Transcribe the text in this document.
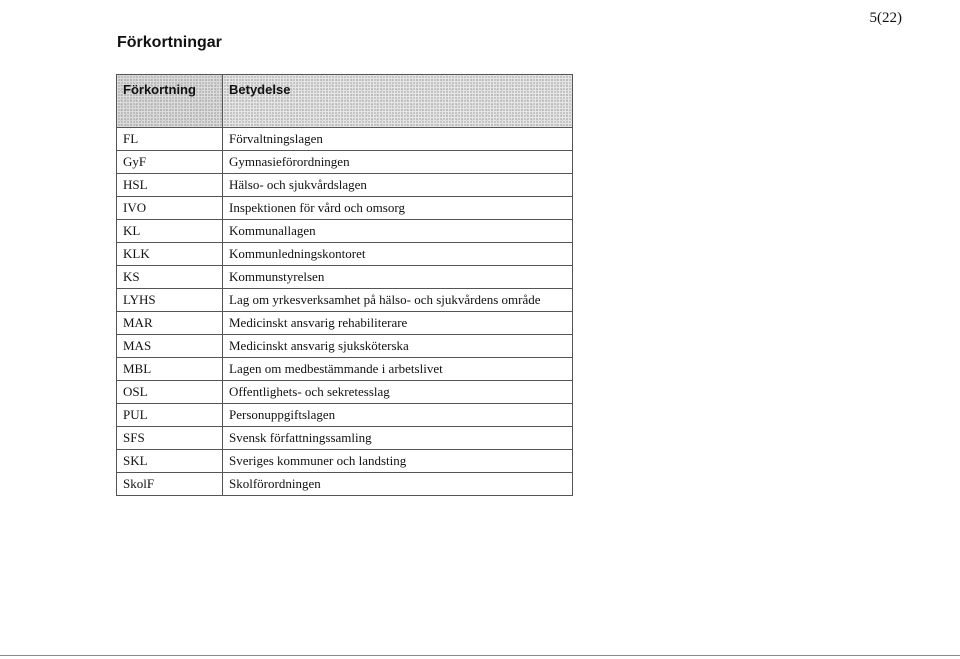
5(22)
Förkortningar
Förkortning	Betydelse
FL	Förvaltningslagen
GyF	Gymnasieförordningen
HSL	Hälso- och sjukvårdslagen
IVO	Inspektionen för vård och omsorg
KL	Kommunallagen
KLK	Kommunledningskontoret
KS	Kommunstyrelsen
LYHS	Lag om yrkesverksamhet på hälso- och sjukvårdens område
MAR	Medicinskt ansvarig rehabiliterare
MAS	Medicinskt ansvarig sjuksköterska
MBL	Lagen om medbestämmande i arbetslivet
OSL	Offentlighets- och sekretesslag
PUL	Personuppgiftslagen
SFS	Svensk författningssamling
SKL	Sveriges kommuner och landsting
SkolF	Skolförordningen
